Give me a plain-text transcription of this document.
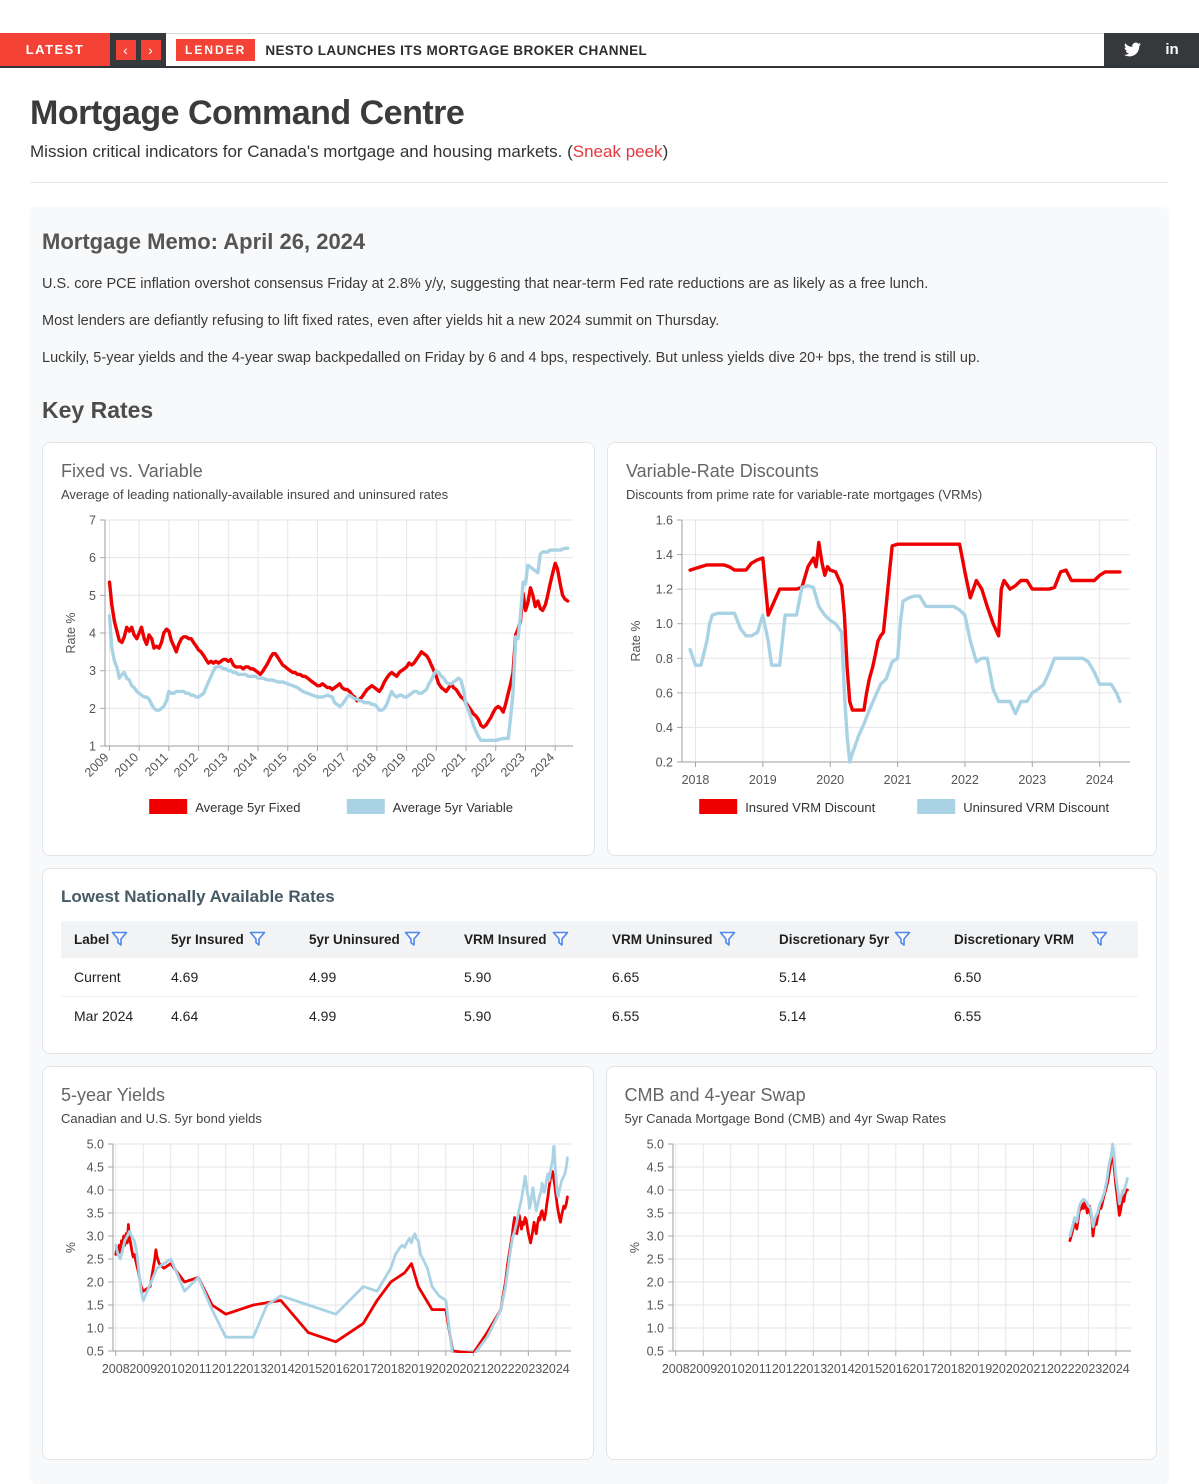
LATEST	‹ ›	LENDER	NESTO LAUNCHES ITS MORTGAGE BROKER CHANNEL	in
Mortgage Command Centre
Mission critical indicators for Canada's mortgage and housing markets. (Sneak peek)
Mortgage Memo: April 26, 2024

U.S. core PCE inflation overshot consensus Friday at 2.8% y/y, suggesting that near-term Fed rate reductions are as likely as a free lunch.

Most lenders are defiantly refusing to lift fixed rates, even after yields hit a new 2024 summit on Thursday.

Luckily, 5-year yields and the 4-year swap backpedalled on Friday by 6 and 4 bps, respectively. But unless yields dive 20+ bps, the trend is still up.

Key Rates
Fixed vs. Variable
Average of leading nationally-available insured and uninsured rates
1
2
3
4
5
6
7
2009 2010 2011 2012 2013 2014 2015 2016 2017 2018 2019 2020 2021 2022 2023 2024
Rate %
Average 5yr Fixed	Average 5yr Variable
Variable-Rate Discounts
Discounts from prime rate for variable-rate mortgages (VRMs)
0.2
0.4
0.6
0.8
1.0
1.2
1.4
1.6
2018	2019	2020	2021	2022	2023	2024
Rate %
Insured VRM Discount	Uninsured VRM Discount
Lowest Nationally Available Rates
Label	5yr Insured	5yr Uninsured	VRM Insured	VRM Uninsured	Discretionary 5yr	Discretionary VRM

Current	4.69	4.99	5.90	6.65	5.14	6.50
Mar 2024	4.64	4.99	5.90	6.55	5.14	6.55
5-year Yields
Canadian and U.S. 5yr bond yields
5.0
4.5
4.0
3.5
3.0
2.5
2.0
1.5
1.0
0.5
2008 2009 2010 2011 2012 2013 2014 2015 2016 2017 2018 2019 2020 2021 2022 2023 2024
%
CMB and 4-year Swap
5yr Canada Mortgage Bond (CMB) and 4yr Swap Rates
5.0
4.5
4.0
3.5
3.0
2.5
2.0
1.5
1.0
0.5
2008 2009 2010 2011 2012 2013 2014 2015 2016 2017 2018 2019 2020 2021 2022 2023 2024
%
